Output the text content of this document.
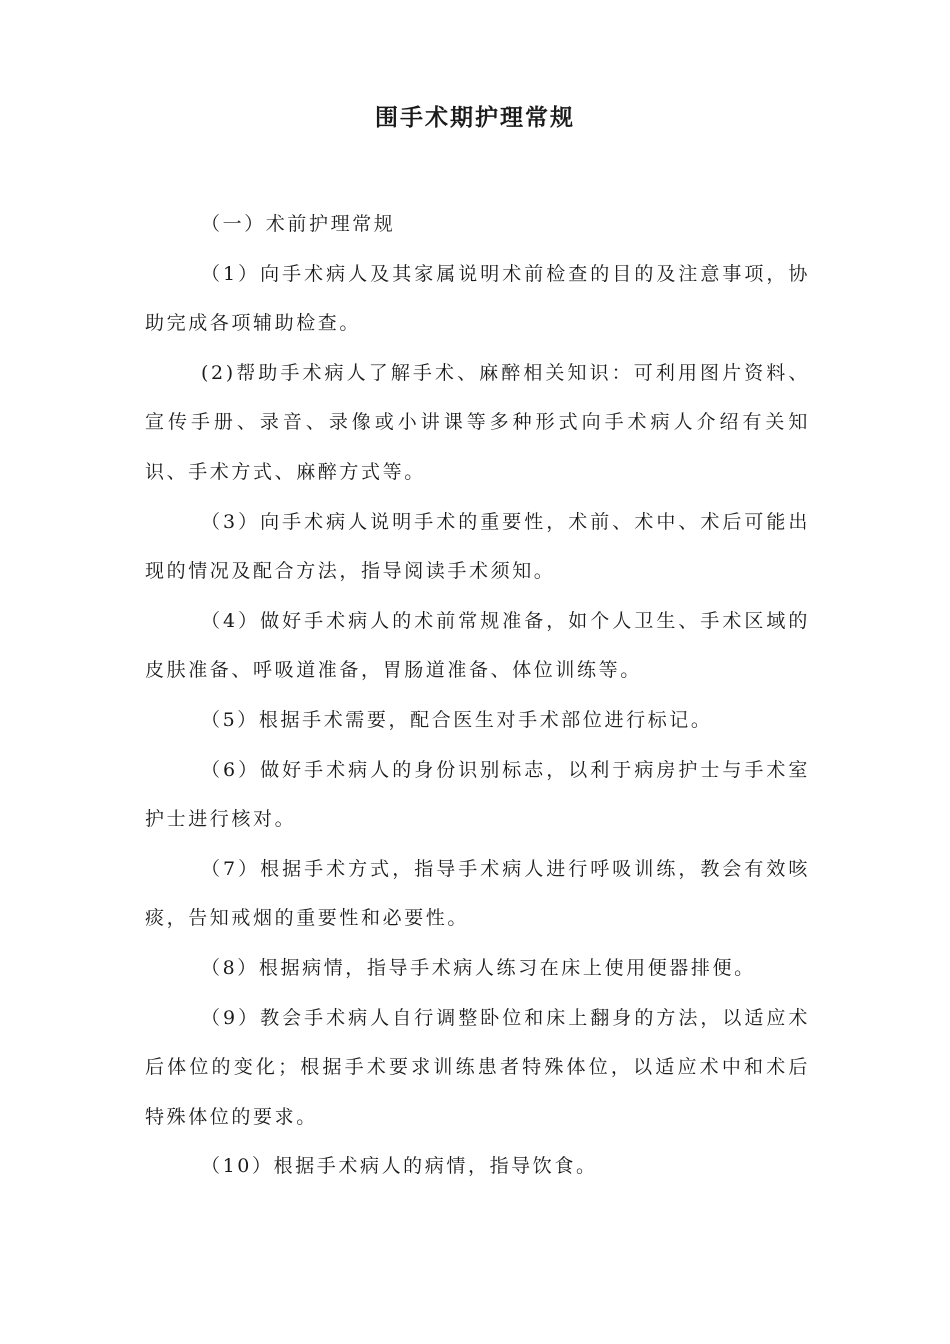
围手术期护理常规

（一）术前护理常规

（1）向手术病人及其家属说明术前检查的目的及注意事项，协助完成各项辅助检查。

(2)帮助手术病人了解手术、麻醉相关知识：可利用图片资料、宣传手册、录音、录像或小讲课等多种形式向手术病人介绍有关知识、手术方式、麻醉方式等。

（3）向手术病人说明手术的重要性，术前、术中、术后可能出现的情况及配合方法，指导阅读手术须知。

（4）做好手术病人的术前常规准备，如个人卫生、手术区域的皮肤准备、呼吸道准备，胃肠道准备、体位训练等。

（5）根据手术需要，配合医生对手术部位进行标记。

（6）做好手术病人的身份识别标志，以利于病房护士与手术室护士进行核对。

（7）根据手术方式，指导手术病人进行呼吸训练，教会有效咳痰，告知戒烟的重要性和必要性。

（8）根据病情，指导手术病人练习在床上使用便器排便。

（9）教会手术病人自行调整卧位和床上翻身的方法，以适应术后体位的变化；根据手术要求训练患者特殊体位，以适应术中和术后特殊体位的要求。

（10）根据手术病人的病情，指导饮食。
